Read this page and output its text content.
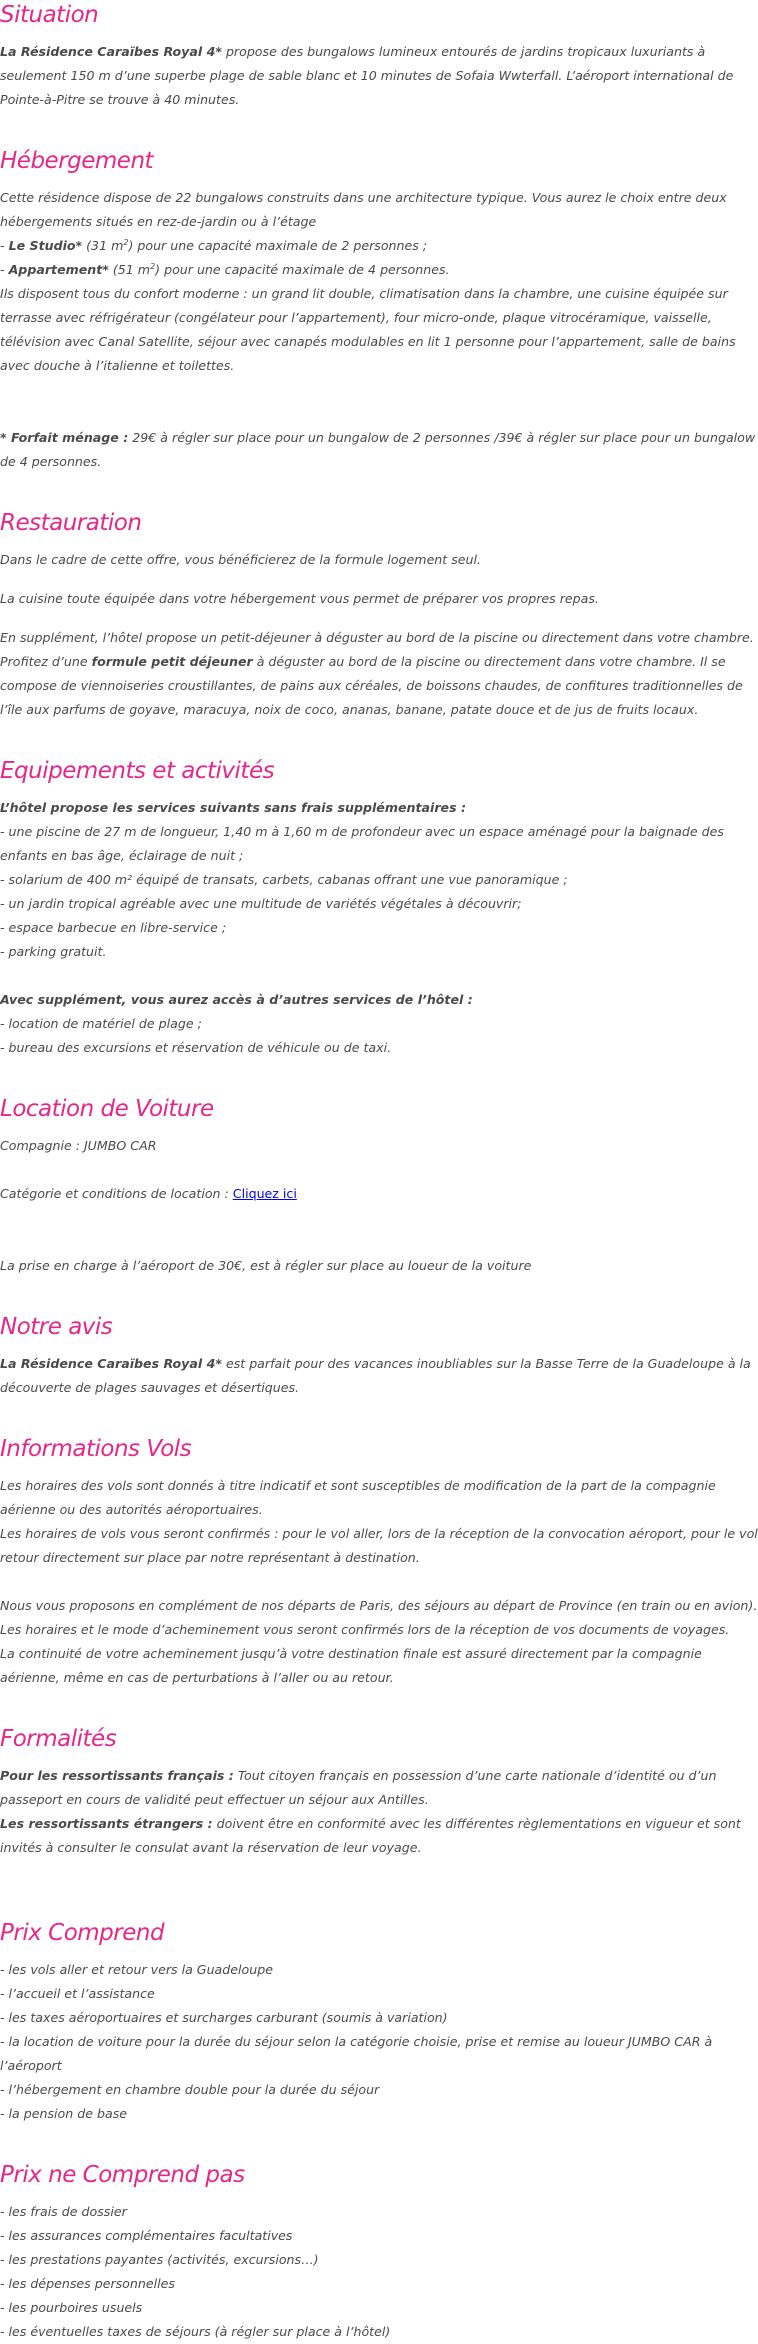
Situation

La Résidence Caraïbes Royal 4* propose des bungalows lumineux entourés de jardins tropicaux luxuriants à seulement 150 m d’une superbe plage de sable blanc et 10 minutes de Sofaia Wwterfall. L’aéroport international de Pointe-à-Pitre se trouve à 40 minutes.

Hébergement

Cette résidence dispose de 22 bungalows construits dans une architecture typique. Vous aurez le choix entre deux hébergements situés en rez-de-jardin ou à l’étage

- Le Studio* (31 $m^2$) pour une capacité maximale de 2 personnes ;

- Appartement* (51 $m^2$) pour une capacité maximale de 4 personnes.

Ils disposent tous du confort moderne : un grand lit double, climatisation dans la chambre, une cuisine équipée sur terrasse avec réfrigérateur (congélateur pour l’appartement), four micro-onde, plaque vitrocéramique, vaisselle, télévision avec Canal Satellite, séjour avec canapés modulables en lit 1 personne pour l’appartement, salle de bains avec douche à l’italienne et toilettes.

* Forfait ménage : 29€ à régler sur place pour un bungalow de 2 personnes /39€ à régler sur place pour un bungalow de 4 personnes.

Restauration

Dans le cadre de cette offre, vous bénéficierez de la formule logement seul.

La cuisine toute équipée dans votre hébergement vous permet de préparer vos propres repas.

En supplément, l’hôtel propose un petit-déjeuner à déguster au bord de la piscine ou directement dans votre chambre. Profitez d’une formule petit déjeuner à déguster au bord de la piscine ou directement dans votre chambre. Il se compose de viennoiseries croustillantes, de pains aux céréales, de boissons chaudes, de confitures traditionnelles de l’île aux parfums de goyave, maracuya, noix de coco, ananas, banane, patate douce et de jus de fruits locaux.

Equipements et activités

L’hôtel propose les services suivants sans frais supplémentaires :

- une piscine de 27 m de longueur, 1,40 m à 1,60 m de profondeur avec un espace aménagé pour la baignade des enfants en bas âge, éclairage de nuit ;

- solarium de 400 m² équipé de transats, carbets, cabanas offrant une vue panoramique ;

- un jardin tropical agréable avec une multitude de variétés végétales à découvrir;

- espace barbecue en libre-service ;

- parking gratuit.

Avec supplément, vous aurez accès à d’autres services de l’hôtel :

- location de matériel de plage ;

- bureau des excursions et réservation de véhicule ou de taxi.

Location de Voiture

Compagnie : JUMBO CAR

Catégorie et conditions de location : Cliquez ici

La prise en charge à l’aéroport de 30€, est à régler sur place au loueur de la voiture

Notre avis

La Résidence Caraïbes Royal 4* est parfait pour des vacances inoubliables sur la Basse Terre de la Guadeloupe à la découverte de plages sauvages et désertiques.

Informations Vols

Les horaires des vols sont donnés à titre indicatif et sont susceptibles de modification de la part de la compagnie aérienne ou des autorités aéroportuaires.

Les horaires de vols vous seront confirmés : pour le vol aller, lors de la réception de la convocation aéroport, pour le vol retour directement sur place par notre représentant à destination.

Nous vous proposons en complément de nos départs de Paris, des séjours au départ de Province (en train ou en avion).

Les horaires et le mode d’acheminement vous seront confirmés lors de la réception de vos documents de voyages.

La continuité de votre acheminement jusqu’à votre destination finale est assuré directement par la compagnie aérienne, même en cas de perturbations à l’aller ou au retour.

Formalités

Pour les ressortissants français : Tout citoyen français en possession d’une carte nationale d’identité ou d’un passeport en cours de validité peut effectuer un séjour aux Antilles.

Les ressortissants étrangers : doivent être en conformité avec les différentes règlementations en vigueur et sont invités à consulter le consulat avant la réservation de leur voyage.

Prix Comprend

- les vols aller et retour vers la Guadeloupe

- l’accueil et l’assistance

- les taxes aéroportuaires et surcharges carburant (soumis à variation)

- la location de voiture pour la durée du séjour selon la catégorie choisie, prise et remise au loueur JUMBO CAR à l’aéroport

- l’hébergement en chambre double pour la durée du séjour

- la pension de base

Prix ne Comprend pas

- les frais de dossier

- les assurances complémentaires facultatives

- les prestations payantes (activités, excursions…)

- les dépenses personnelles

- les pourboires usuels

- les éventuelles taxes de séjours (à régler sur place à l’hôtel)
